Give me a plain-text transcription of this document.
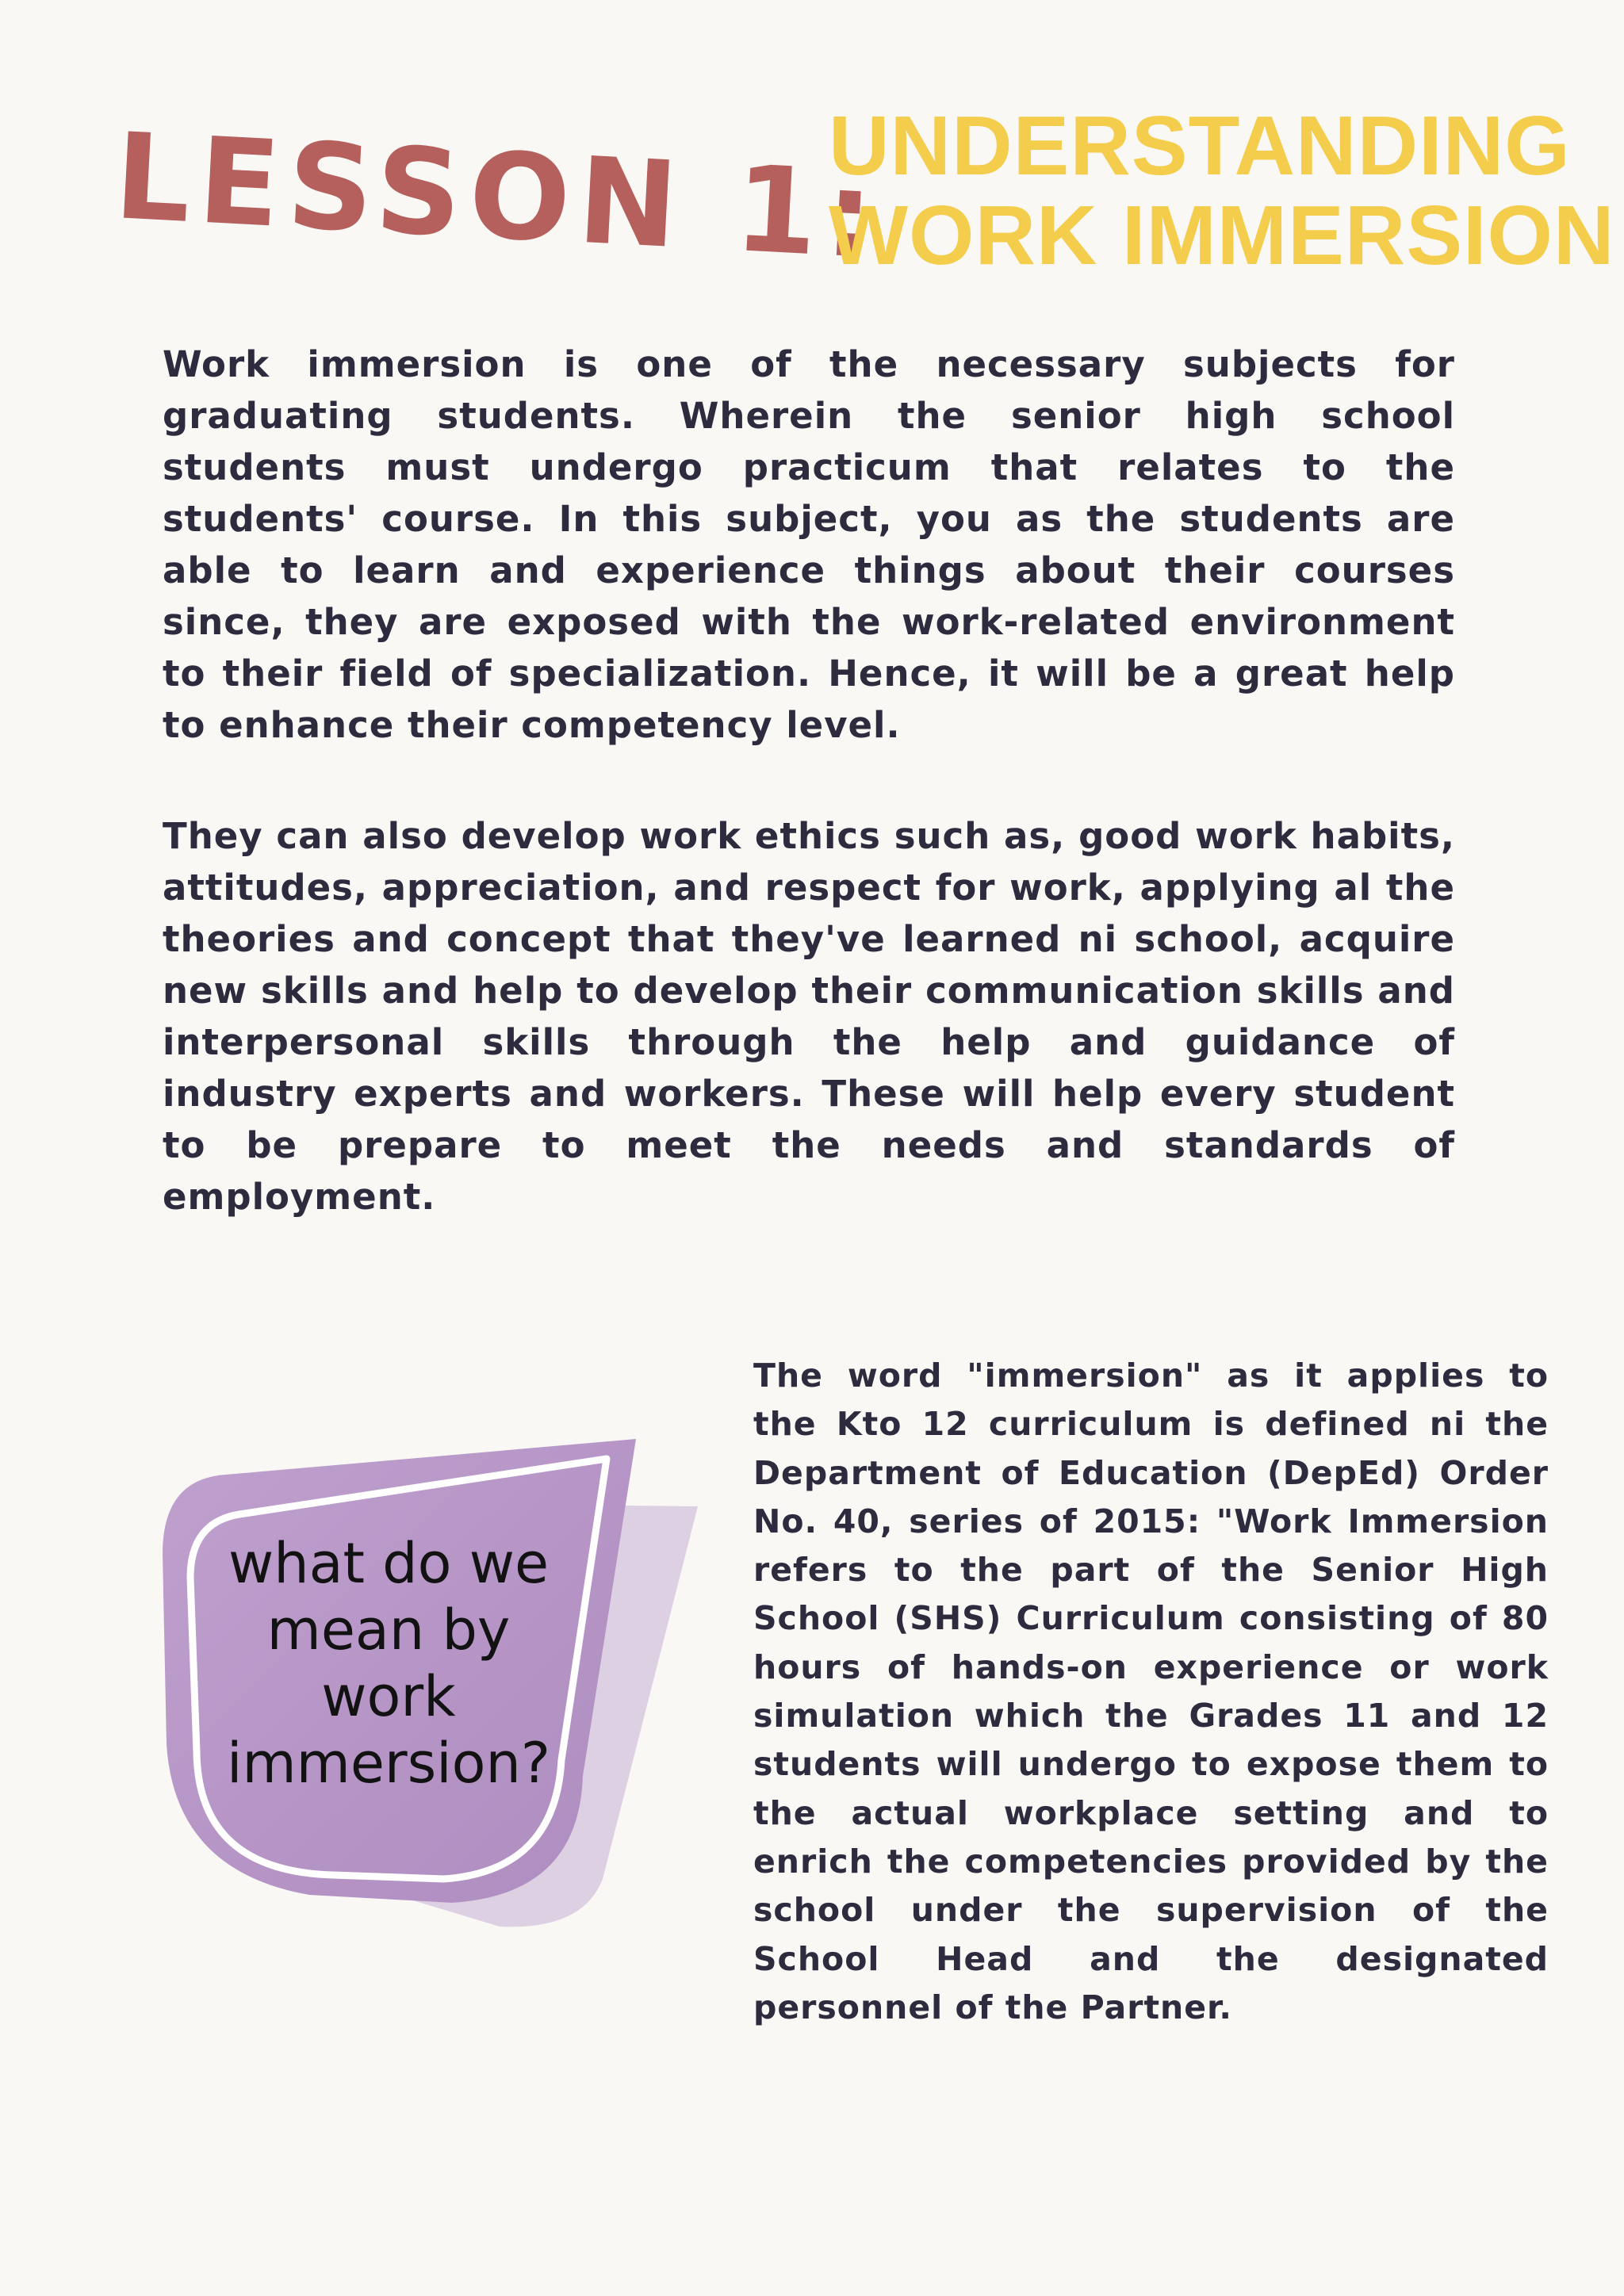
LESSON 1:
UNDERSTANDING
WORK IMMERSION

Work immersion is one of the necessary subjects for graduating students. Wherein the senior high school students must undergo practicum that relates to the students' course. In this subject, you as the students are able to learn and experience things about their courses since, they are exposed with the work-related environment to their field of specialization. Hence, it will be a great help to enhance their competency level.

They can also develop work ethics such as, good work habits, attitudes, appreciation, and respect for work, applying al the theories and concept that they've learned ni school, acquire new skills and help to develop their communication skills and interpersonal skills through the help and guidance of industry experts and workers. These will help every student to be prepare to meet the needs and standards of employment.

what do we mean by work immersion?

The word "immersion" as it applies to the Kto 12 curriculum is defined ni the Department of Education (DepEd) Order No. 40, series of 2015: "Work Immersion refers to the part of the Senior High School (SHS) Curriculum consisting of 80 hours of hands-on experience or work simulation which the Grades 11 and 12 students will undergo to expose them to the actual workplace setting and to enrich the competencies provided by the school under the supervision of the School Head and the designated personnel of the Partner.
